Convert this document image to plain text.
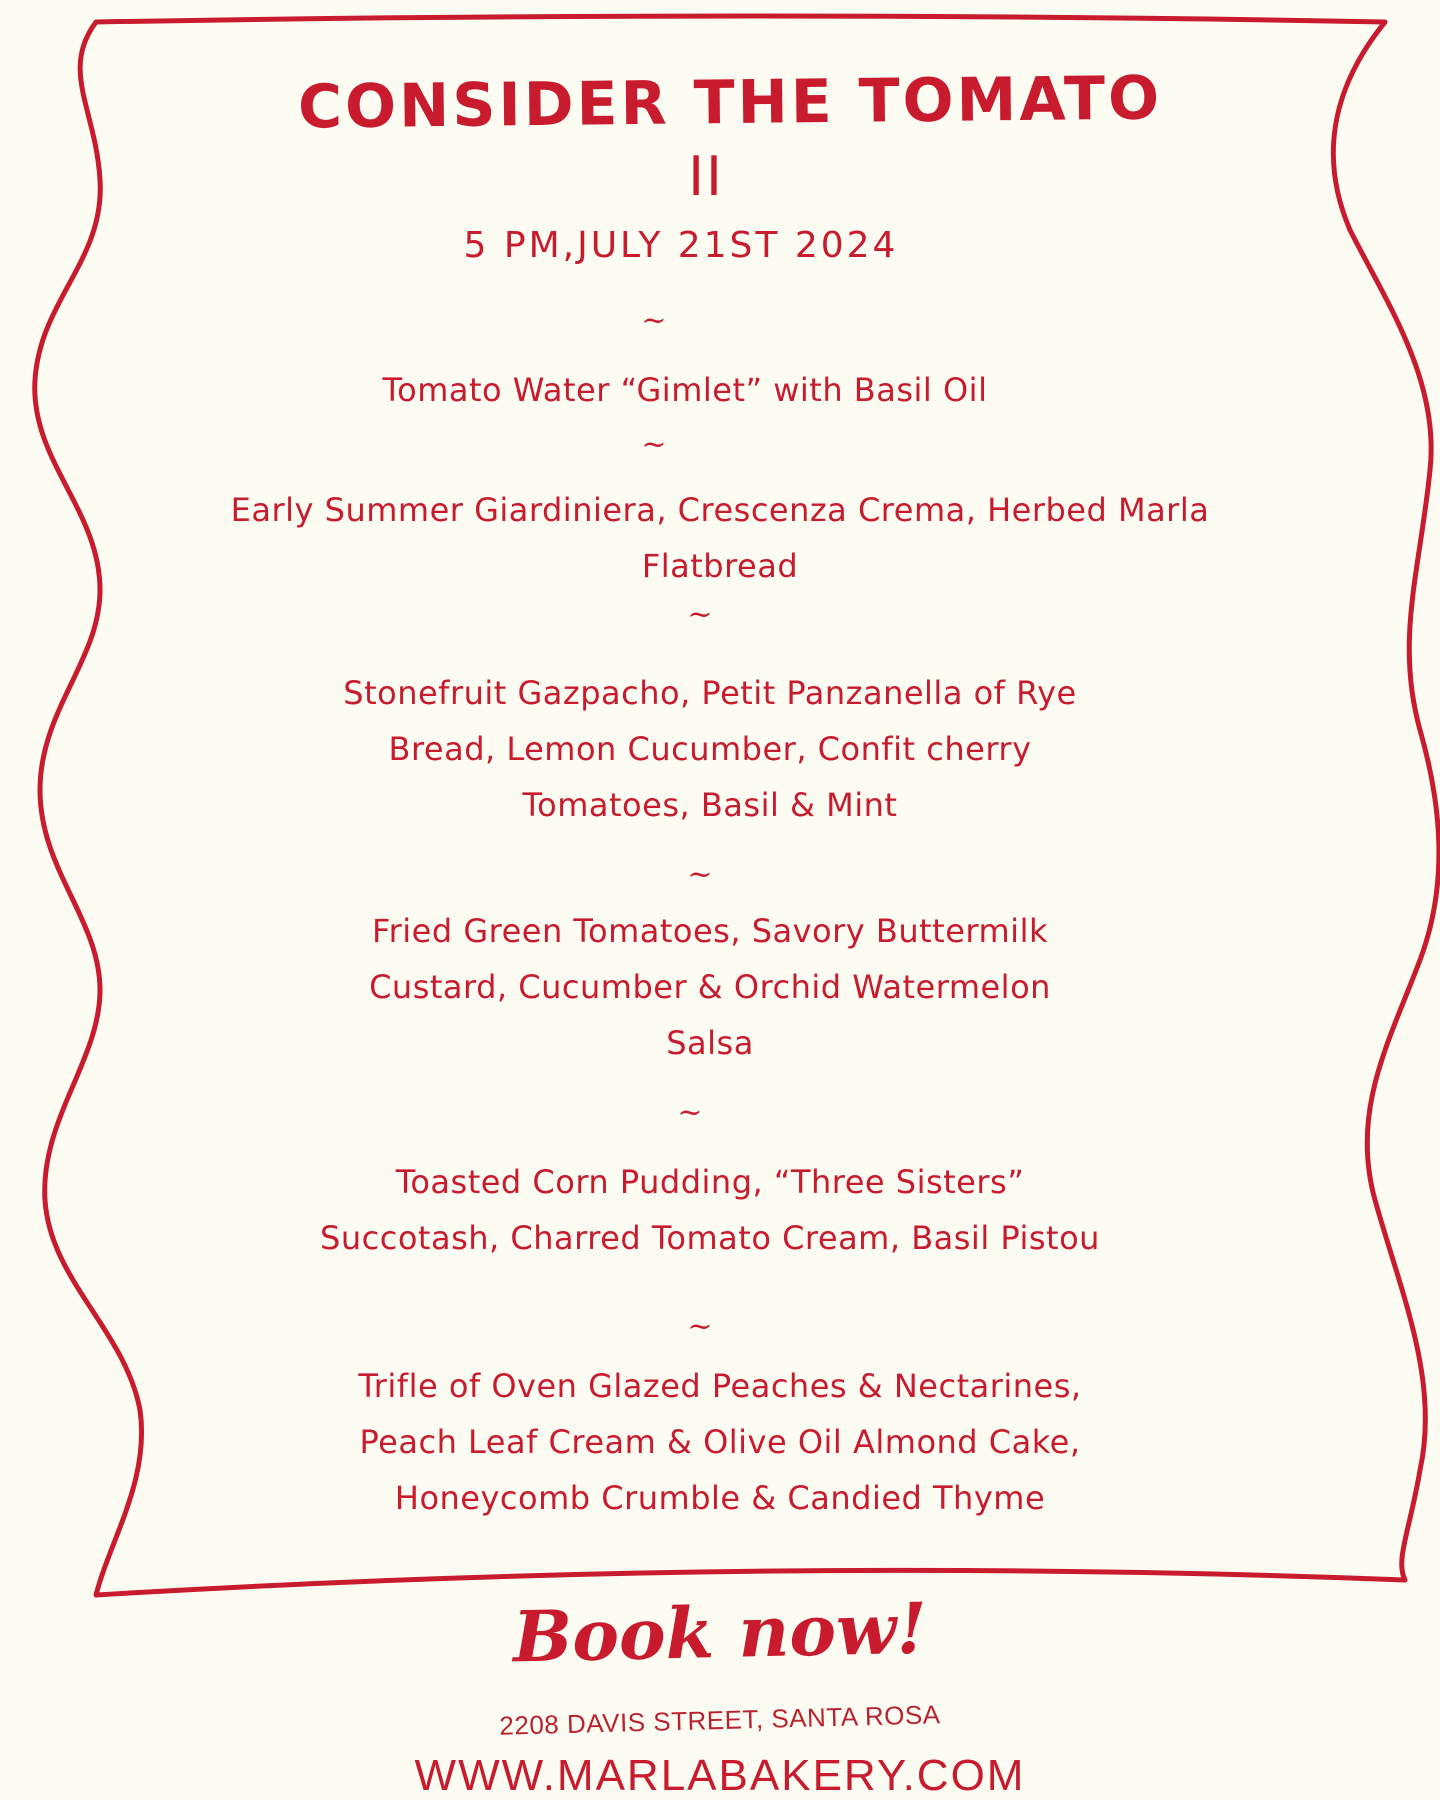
CONSIDER THE TOMATO
II
5 PM,JULY 21ST 2024
~
~
~
~
~
~
Tomato Water “Gimlet” with Basil Oil
Early Summer Giardiniera, Crescenza Crema, Herbed Marla
Flatbread
Stonefruit Gazpacho, Petit Panzanella of Rye
Bread, Lemon Cucumber, Confit cherry
Tomatoes, Basil & Mint
Fried Green Tomatoes, Savory Buttermilk
Custard, Cucumber & Orchid Watermelon
Salsa
Toasted Corn Pudding, “Three Sisters”
Succotash, Charred Tomato Cream, Basil Pistou
Trifle of Oven Glazed Peaches & Nectarines,
Peach Leaf Cream & Olive Oil Almond Cake,
Honeycomb Crumble & Candied Thyme
Book now!
2208 DAVIS STREET, SANTA ROSA
WWW.MARLABAKERY.COM
